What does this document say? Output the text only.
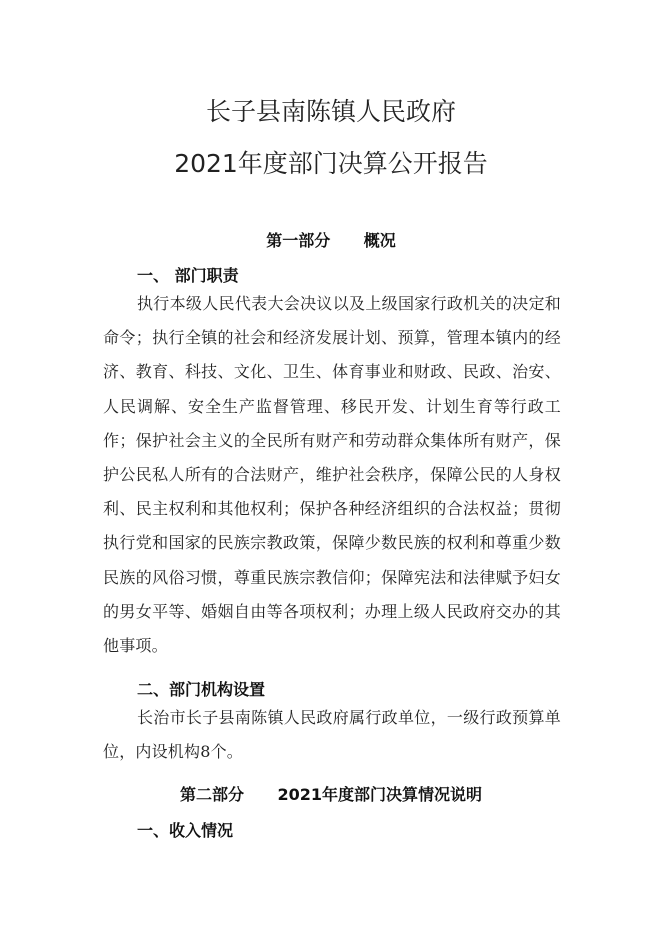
长子县南陈镇人民政府
2021年度部门决算公开报告
第一部分      概况
一、 部门职责
执行本级人民代表大会决议以及上级国家行政机关的决定和命令；执行全镇的社会和经济发展计划、预算，管理本镇内的经济、教育、科技、文化、卫生、体育事业和财政、民政、治安、人民调解、安全生产监督管理、移民开发、计划生育等行政工作；保护社会主义的全民所有财产和劳动群众集体所有财产，保护公民私人所有的合法财产，维护社会秩序，保障公民的人身权利、民主权利和其他权利；保护各种经济组织的合法权益；贯彻执行党和国家的民族宗教政策，保障少数民族的权利和尊重少数民族的风俗习惯，尊重民族宗教信仰；保障宪法和法律赋予妇女的男女平等、婚姻自由等各项权利；办理上级人民政府交办的其他事项。
二、部门机构设置
长治市长子县南陈镇人民政府属行政单位，一级行政预算单位，内设机构8个。
第二部分      2021年度部门决算情况说明
一、收入情况
